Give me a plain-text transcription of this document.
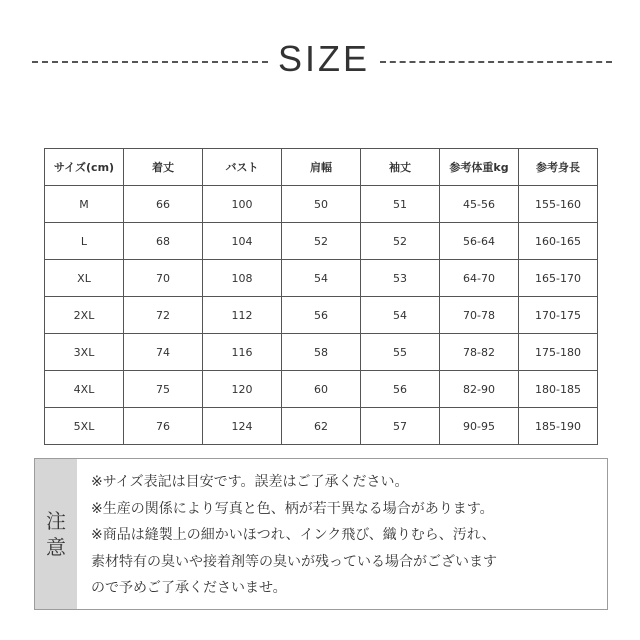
SIZE
サイズ(cm)	着丈	バスト	肩幅	袖丈	参考体重kg	参考身長
M	66	100	50	51	45-56	155-160
L	68	104	52	52	56-64	160-165
XL	70	108	54	53	64-70	165-170
2XL	72	112	56	54	70-78	170-175
3XL	74	116	58	55	78-82	175-180
4XL	75	120	60	56	82-90	180-185
5XL	76	124	62	57	90-95	185-190
注
意

※サイズ表記は目安です。誤差はご了承ください。

※生産の関係により写真と色、柄が若干異なる場合があります。

※商品は縫製上の細かいほつれ、インク飛び、織りむら、汚れ、

素材特有の臭いや接着剤等の臭いが残っている場合がございます

ので予めご了承くださいませ。
